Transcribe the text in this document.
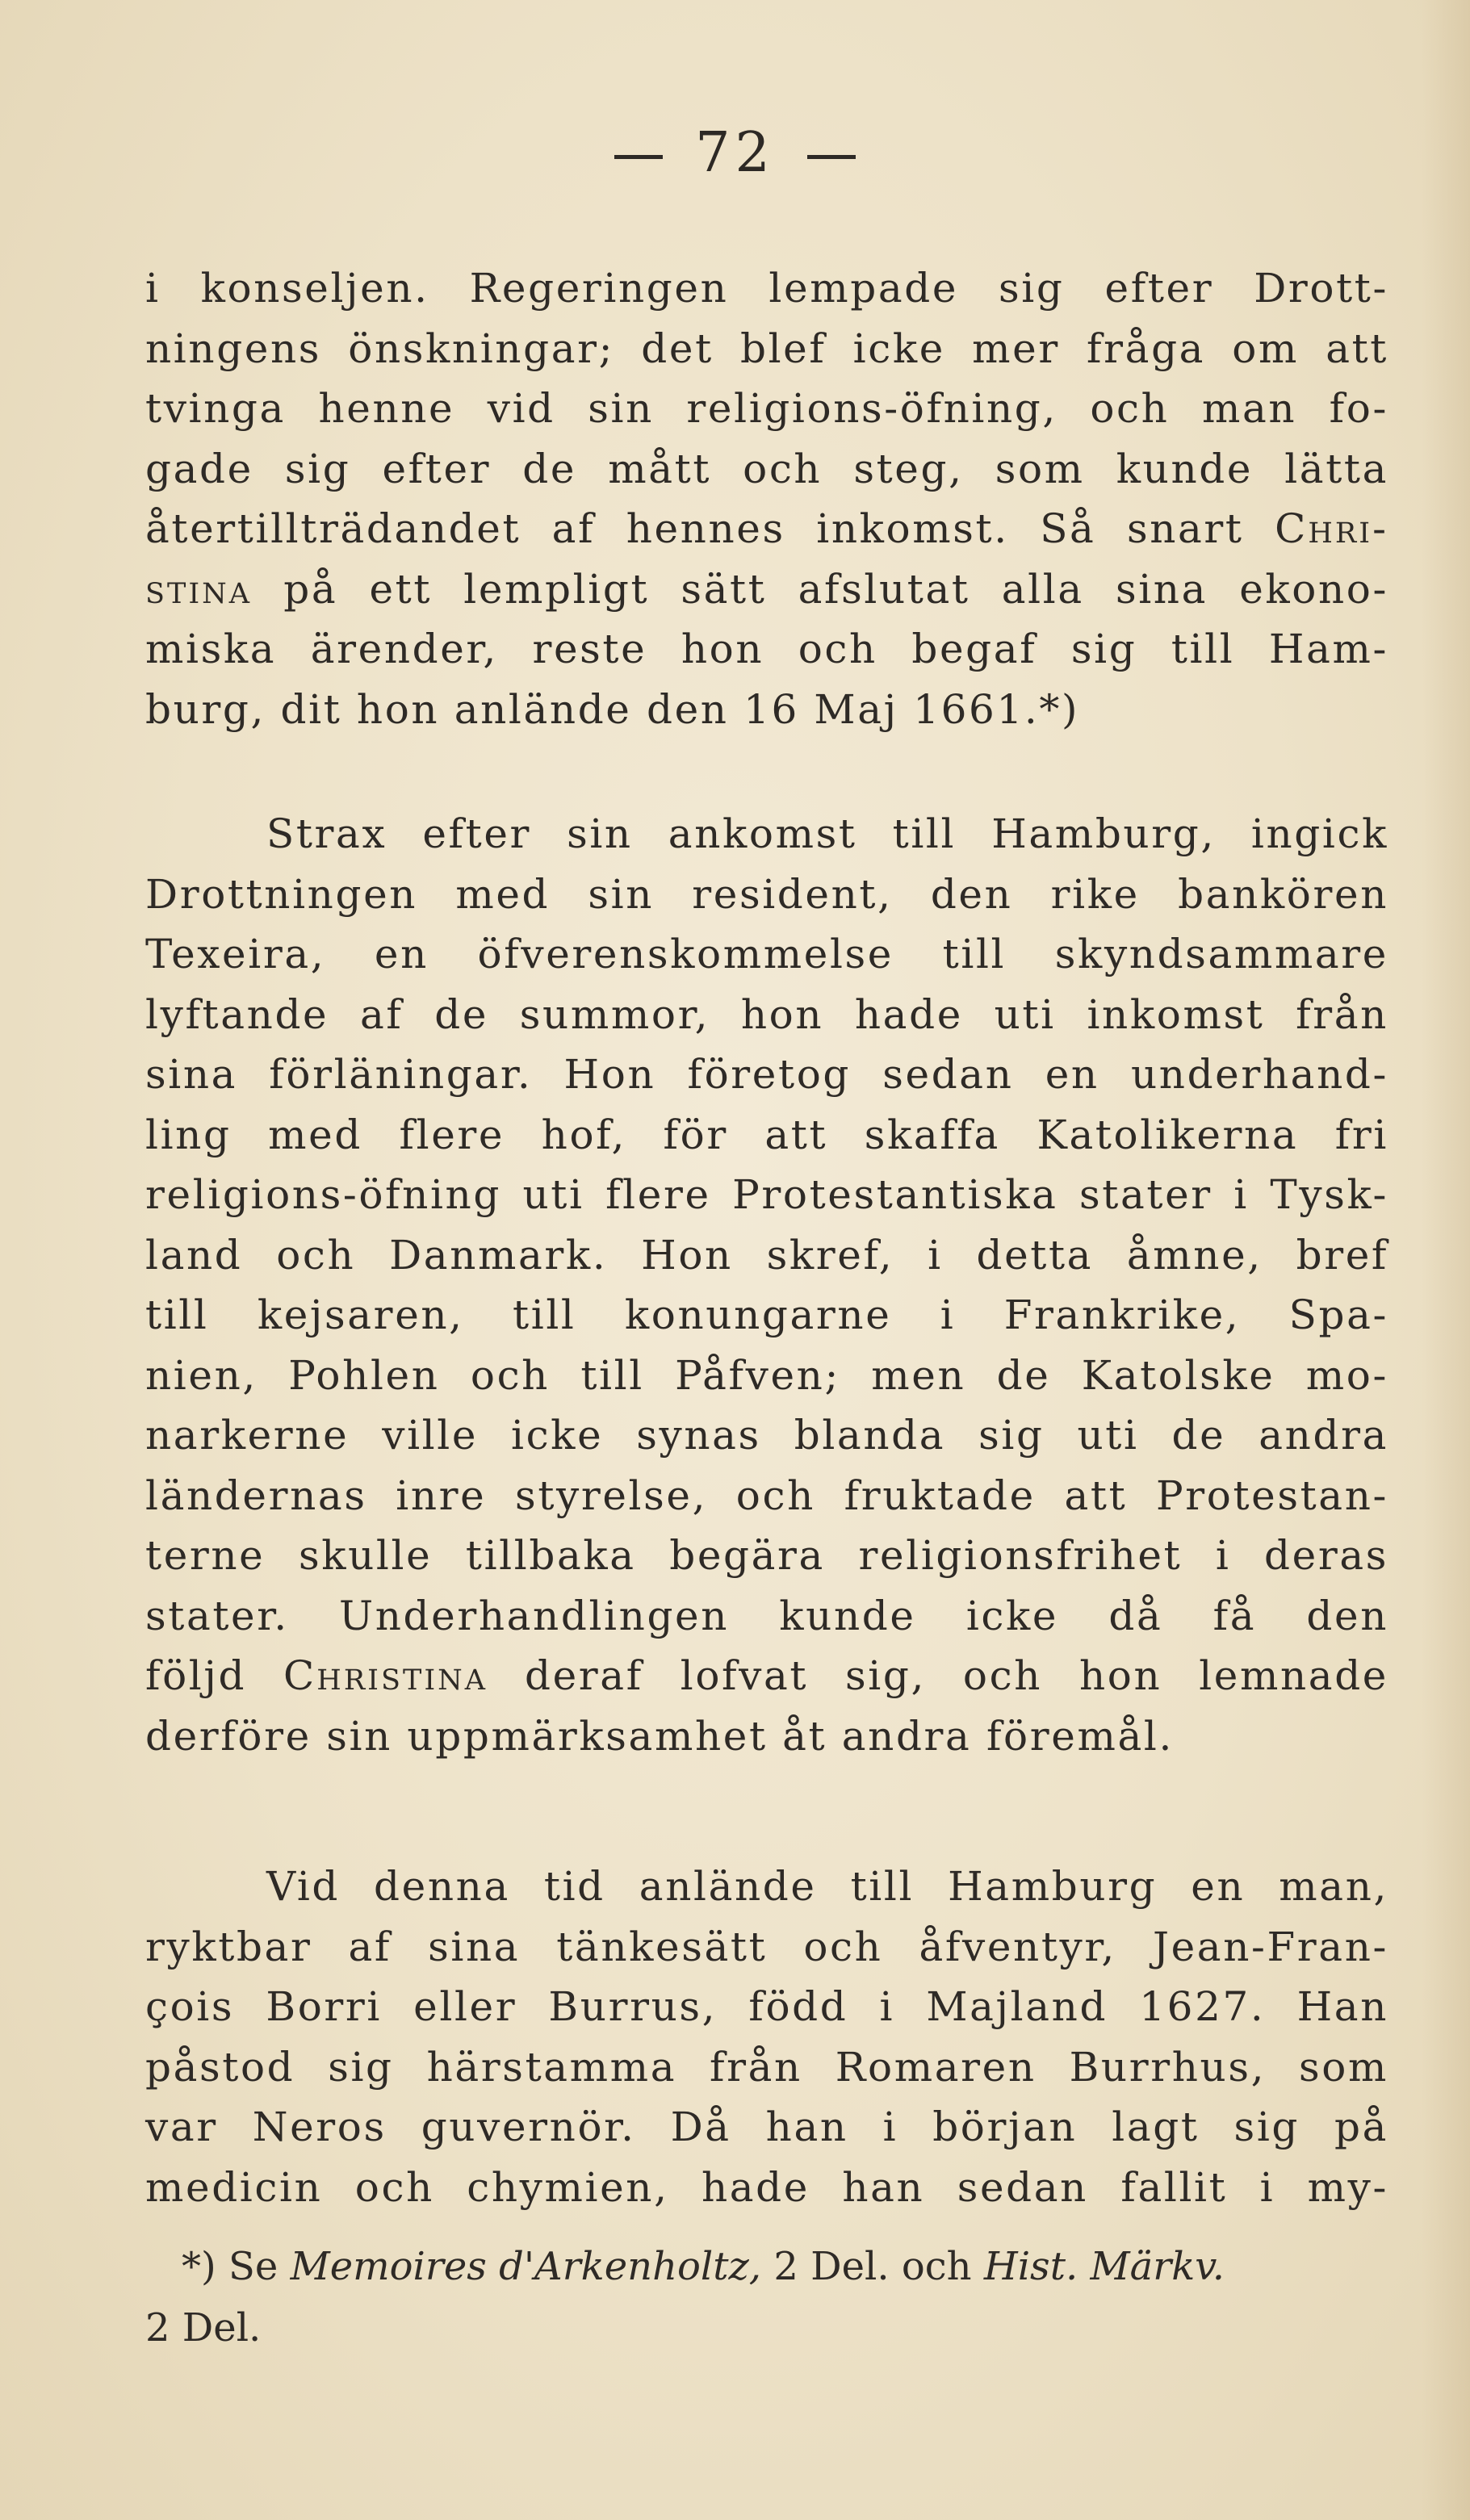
72

i konseljen. Regeringen lempade sig efter Drott-
ningens önskningar; det blef icke mer fråga om att
tvinga henne vid sin religions-öfning, och man fo-
gade sig efter de mått och steg, som kunde lätta
återtillträdandet af hennes inkomst. Så snart Chri-
stina på ett lempligt sätt afslutat alla sina ekono-
miska ärender, reste hon och begaf sig till Ham-
burg, dit hon anlände den 16 Maj 1661.*)

Strax efter sin ankomst till Hamburg, ingick
Drottningen med sin resident, den rike bankören
Texeira, en öfverenskommelse till skyndsammare
lyftande af de summor, hon hade uti inkomst från
sina förläningar. Hon företog sedan en underhand-
ling med flere hof, för att skaffa Katolikerna fri
religions-öfning uti flere Protestantiska stater i Tysk-
land och Danmark. Hon skref, i detta åmne, bref
till kejsaren, till konungarne i Frankrike, Spa-
nien, Pohlen och till Påfven; men de Katolske mo-
narkerne ville icke synas blanda sig uti de andra
ländernas inre styrelse, och fruktade att Protestan-
terne skulle tillbaka begära religionsfrihet i deras
stater. Underhandlingen kunde icke då få den
följd Christina deraf lofvat sig, och hon lemnade
derföre sin uppmärksamhet åt andra föremål.

Vid denna tid anlände till Hamburg en man,
ryktbar af sina tänkesätt och åfventyr, Jean-Fran-
çois Borri eller Burrus, född i Majland 1627. Han
påstod sig härstamma från Romaren Burrhus, som
var Neros guvernör. Då han i början lagt sig på
medicin och chymien, hade han sedan fallit i my-

*) Se Memoires d'Arkenholtz, 2 Del. och Hist. Märkv.
2 Del.
